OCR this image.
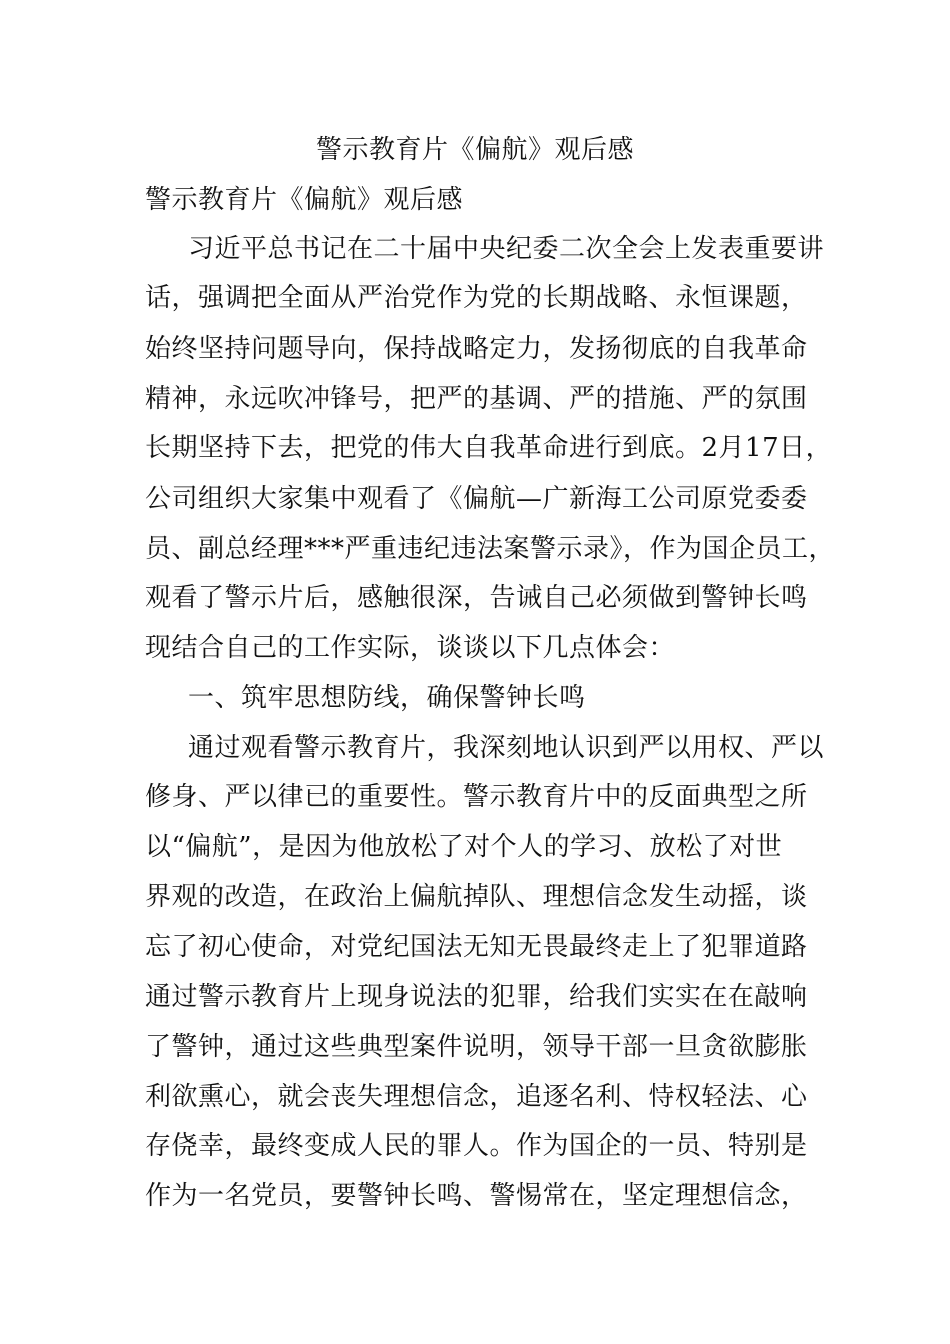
警示教育片《偏航》观后感
警示教育片《偏航》观后感
习近平总书记在二十届中央纪委二次全会上发表重要讲
话，强调把全面从严治党作为党的长期战略、永恒课题，
始终坚持问题导向，保持战略定力，发扬彻底的自我革命
精神，永远吹冲锋号，把严的基调、严的措施、严的氛围
长期坚持下去，把党的伟大自我革命进行到底。2月17日，
公司组织大家集中观看了《偏航—广新海工公司原党委委
员、副总经理***严重违纪违法案警示录》，作为国企员工，
观看了警示片后，感触很深，告诫自己必须做到警钟长鸣
现结合自己的工作实际，谈谈以下几点体会：
一、筑牢思想防线，确保警钟长鸣
通过观看警示教育片，我深刻地认识到严以用权、严以
修身、严以律已的重要性。警示教育片中的反面典型之所
以“偏航”，是因为他放松了对个人的学习、放松了对世
界观的改造，在政治上偏航掉队、理想信念发生动摇，谈
忘了初心使命，对党纪国法无知无畏最终走上了犯罪道路
通过警示教育片上现身说法的犯罪，给我们实实在在敲响
了警钟，通过这些典型案件说明，领导干部一旦贪欲膨胀
利欲熏心，就会丧失理想信念，追逐名利、恃权轻法、心
存侥幸，最终变成人民的罪人。作为国企的一员、特别是
作为一名党员，要警钟长鸣、警惕常在，坚定理想信念，
